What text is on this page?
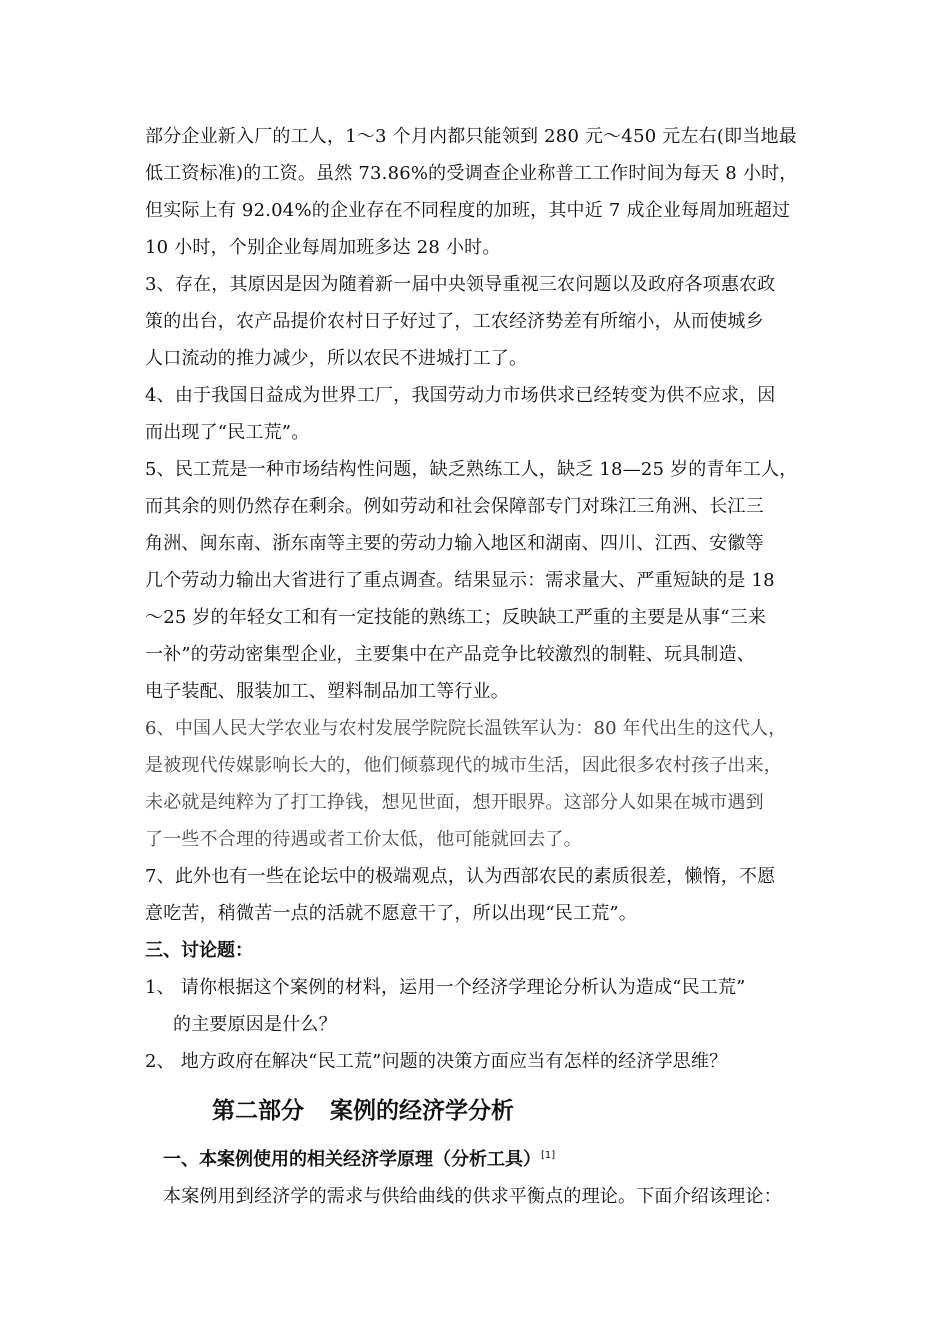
部分企业新入厂的工人，1～3 个月内都只能领到 280 元～450 元左右(即当地最
低工资标准)的工资。虽然 73.86%的受调查企业称普工工作时间为每天 8 小时，
但实际上有 92.04%的企业存在不同程度的加班，其中近 7 成企业每周加班超过
10 小时，个别企业每周加班多达 28 小时。
3、存在，其原因是因为随着新一届中央领导重视三农问题以及政府各项惠农政
策的出台，农产品提价农村日子好过了，工农经济势差有所缩小，从而使城乡
人口流动的推力减少，所以农民不进城打工了。
4、由于我国日益成为世界工厂，我国劳动力市场供求已经转变为供不应求，因
而出现了“民工荒”。
5、民工荒是一种市场结构性问题，缺乏熟练工人，缺乏 18—25 岁的青年工人，
而其余的则仍然存在剩余。例如劳动和社会保障部专门对珠江三角洲、长江三
角洲、闽东南、浙东南等主要的劳动力输入地区和湖南、四川、江西、安徽等
几个劳动力输出大省进行了重点调查。结果显示：需求量大、严重短缺的是 18
～25 岁的年轻女工和有一定技能的熟练工；反映缺工严重的主要是从事“三来
一补”的劳动密集型企业，主要集中在产品竞争比较激烈的制鞋、玩具制造、
电子装配、服装加工、塑料制品加工等行业。
6、中国人民大学农业与农村发展学院院长温铁军认为：80 年代出生的这代人，
是被现代传媒影响长大的，他们倾慕现代的城市生活，因此很多农村孩子出来，
未必就是纯粹为了打工挣钱，想见世面，想开眼界。这部分人如果在城市遇到
了一些不合理的待遇或者工价太低，他可能就回去了。
7、此外也有一些在论坛中的极端观点，认为西部农民的素质很差，懒惰，不愿
意吃苦，稍微苦一点的活就不愿意干了，所以出现“民工荒”。
三、讨论题：
1、 请你根据这个案例的材料，运用一个经济学理论分析认为造成“民工荒”
的主要原因是什么？
2、 地方政府在解决“民工荒”问题的决策方面应当有怎样的经济学思维？
第二部分 案例的经济学分析
一、本案例使用的相关经济学原理（分析工具）[1]
本案例用到经济学的需求与供给曲线的供求平衡点的理论。下面介绍该理论：
